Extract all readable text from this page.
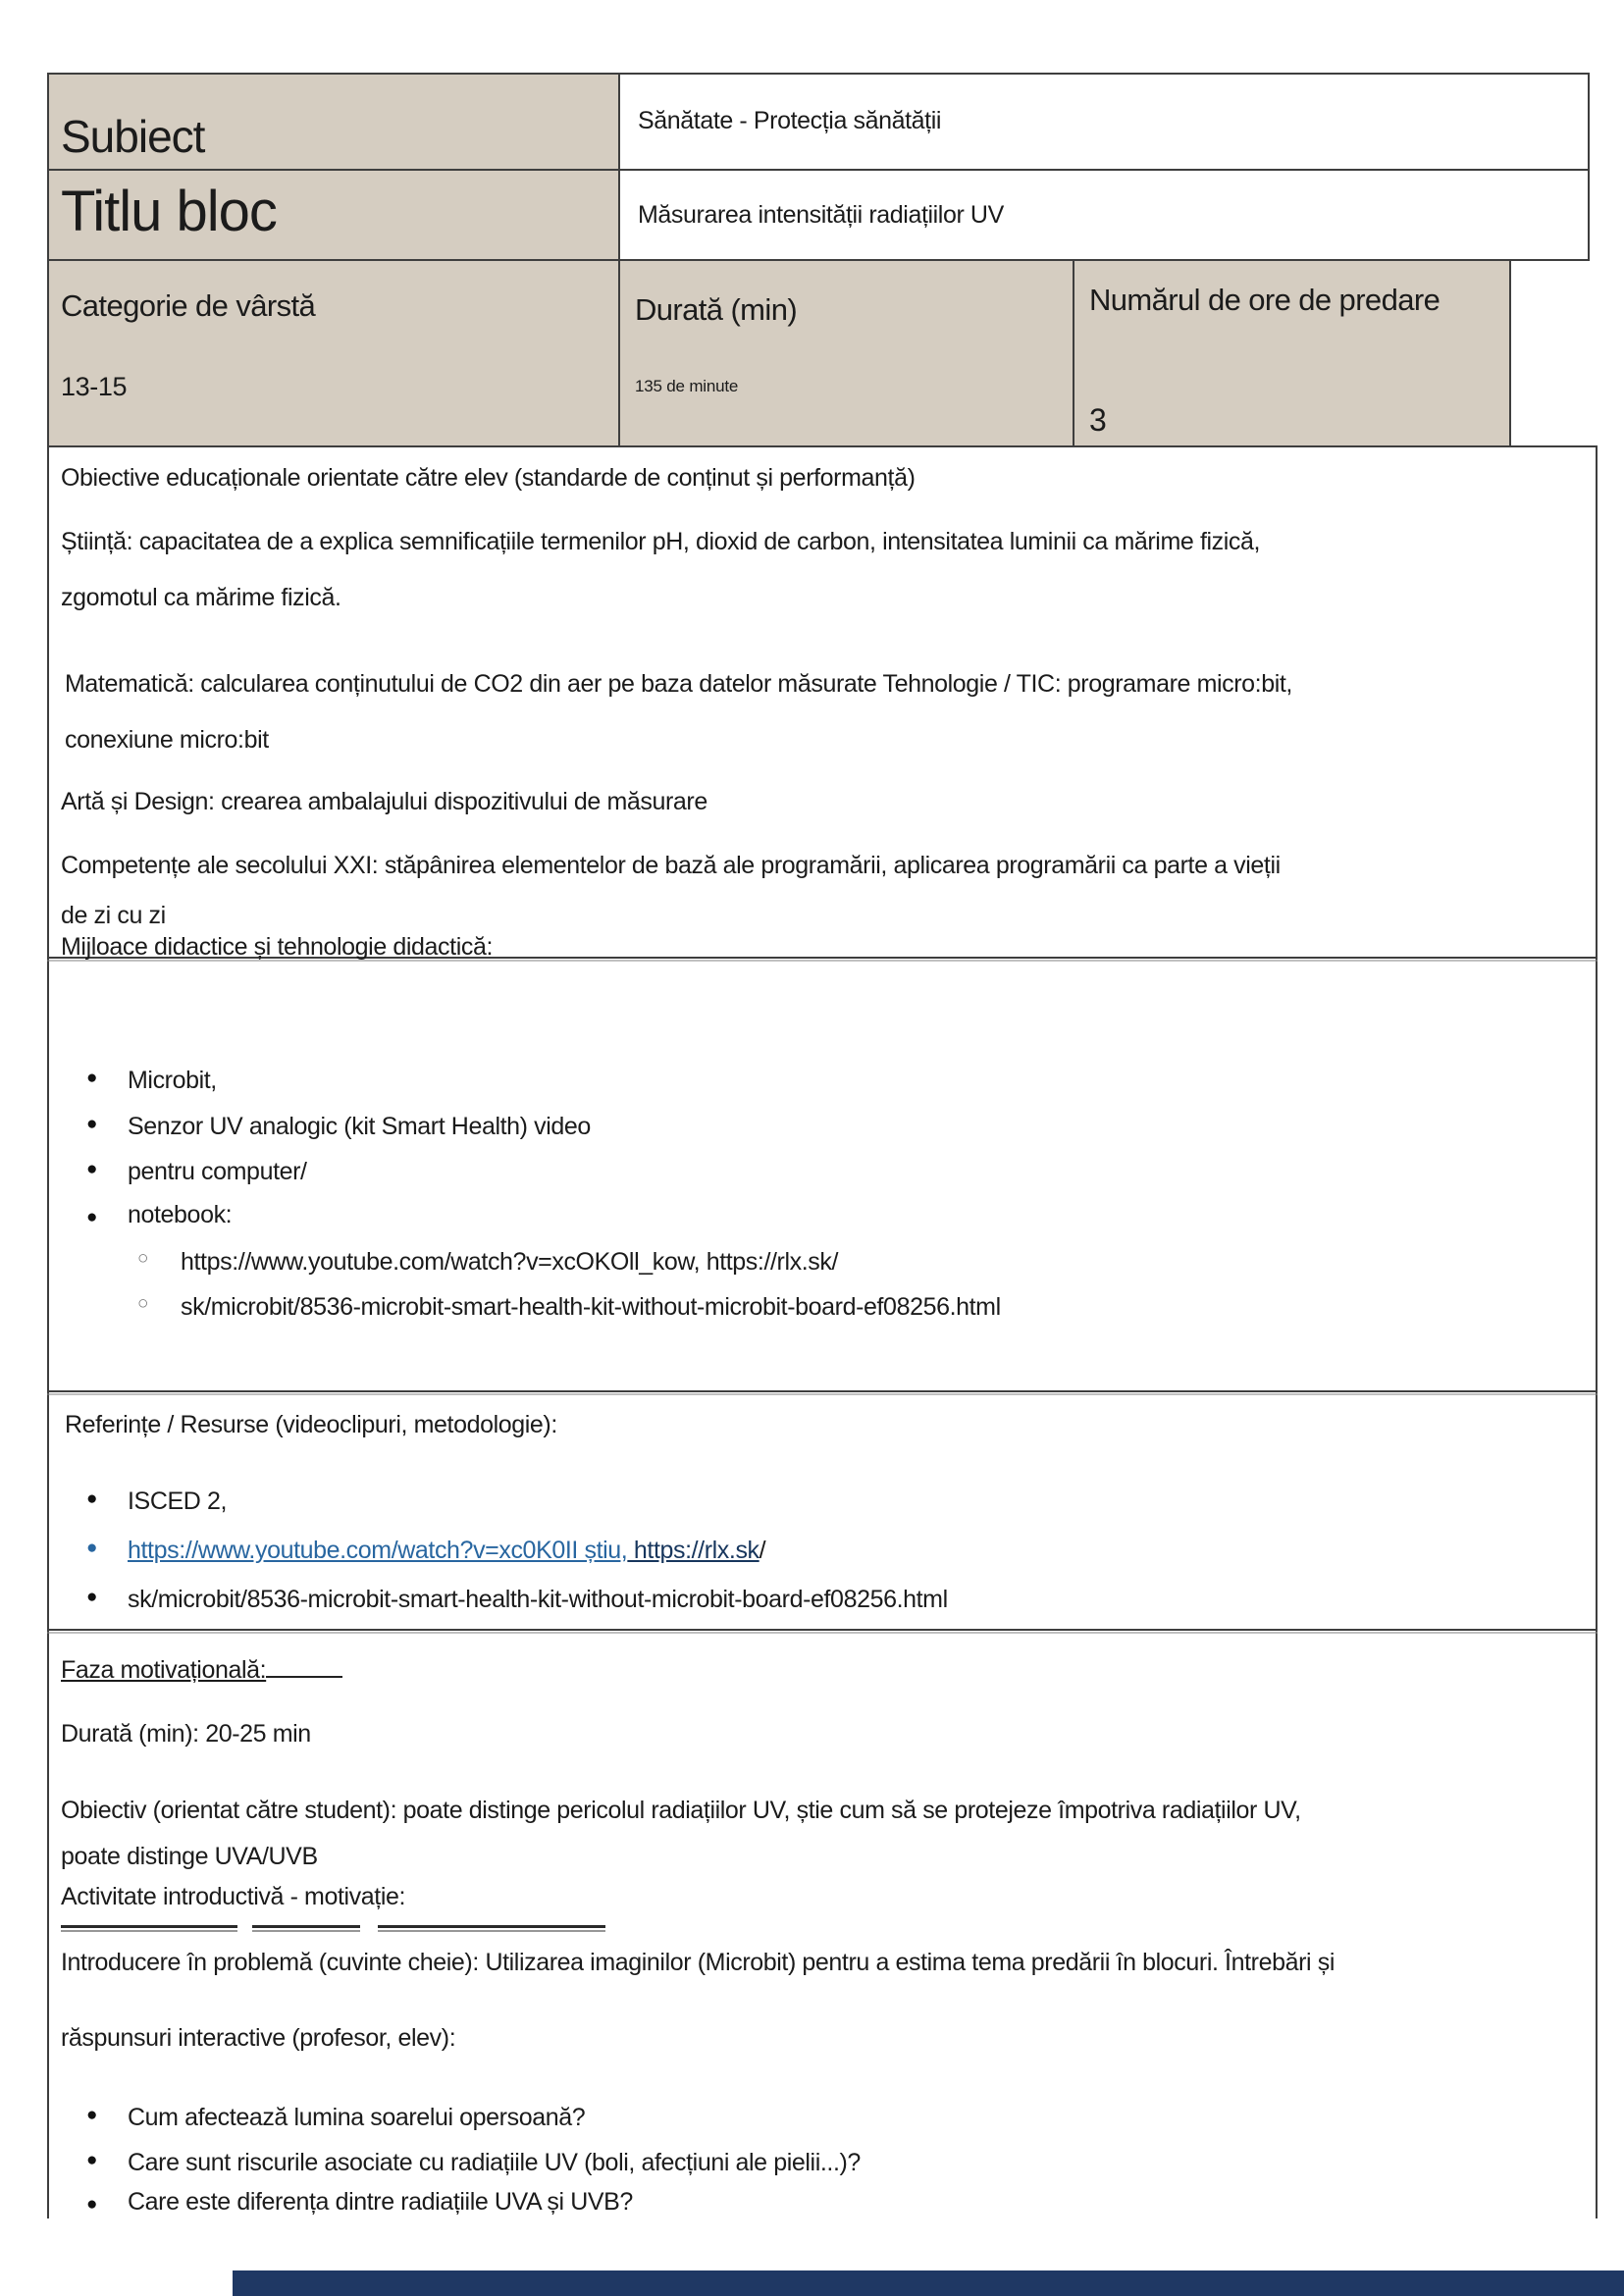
Subiect	Sănătate - Protecția sănătății
Titlu bloc	Măsurarea intensității radiațiilor UV
Categorie de vârstă
13-15
Durată (min)
135 de minute
Numărul de ore de predare
3
Obiective educaționale orientate către elev (standarde de conținut și performanță)
Știință: capacitatea de a explica semnificațiile termenilor pH, dioxid de carbon, intensitatea luminii ca mărime fizică,
zgomotul ca mărime fizică.
Matematică: calcularea conținutului de CO2 din aer pe baza datelor măsurate Tehnologie / TIC: programare micro:bit,
conexiune micro:bit
Artă și Design: crearea ambalajului dispozitivului de măsurare
Competențe ale secolului XXI: stăpânirea elementelor de bază ale programării, aplicarea programării ca parte a vieții
de zi cu zi
Mijloace didactice și tehnologie didactică:
● Microbit,
● Senzor UV analogic (kit Smart Health) video
● pentru computer/
● notebook:
○ https://www.youtube.com/watch?v=xcOKOll_kow, https://rlx.sk/
○ sk/microbit/8536-microbit-smart-health-kit-without-microbit-board-ef08256.html
Referințe / Resurse (videoclipuri, metodologie):
● ISCED 2,
● https://www.youtube.com/watch?v=xc0K0II știu, https://rlx.sk/
● sk/microbit/8536-microbit-smart-health-kit-without-microbit-board-ef08256.html
Faza motivațională:
Durată (min): 20-25 min
Obiectiv (orientat către student): poate distinge pericolul radiațiilor UV, știe cum să se protejeze împotriva radiațiilor UV,
poate distinge UVA/UVB
Activitate introductivă - motivație:
Introducere în problemă (cuvinte cheie): Utilizarea imaginilor (Microbit) pentru a estima tema predării în blocuri. Întrebări și
răspunsuri interactive (profesor, elev):
● Cum afectează lumina soarelui opersoană?
● Care sunt riscurile asociate cu radiațiile UV (boli, afecțiuni ale pielii...)?
● Care este diferența dintre radiațiile UVA și UVB?
